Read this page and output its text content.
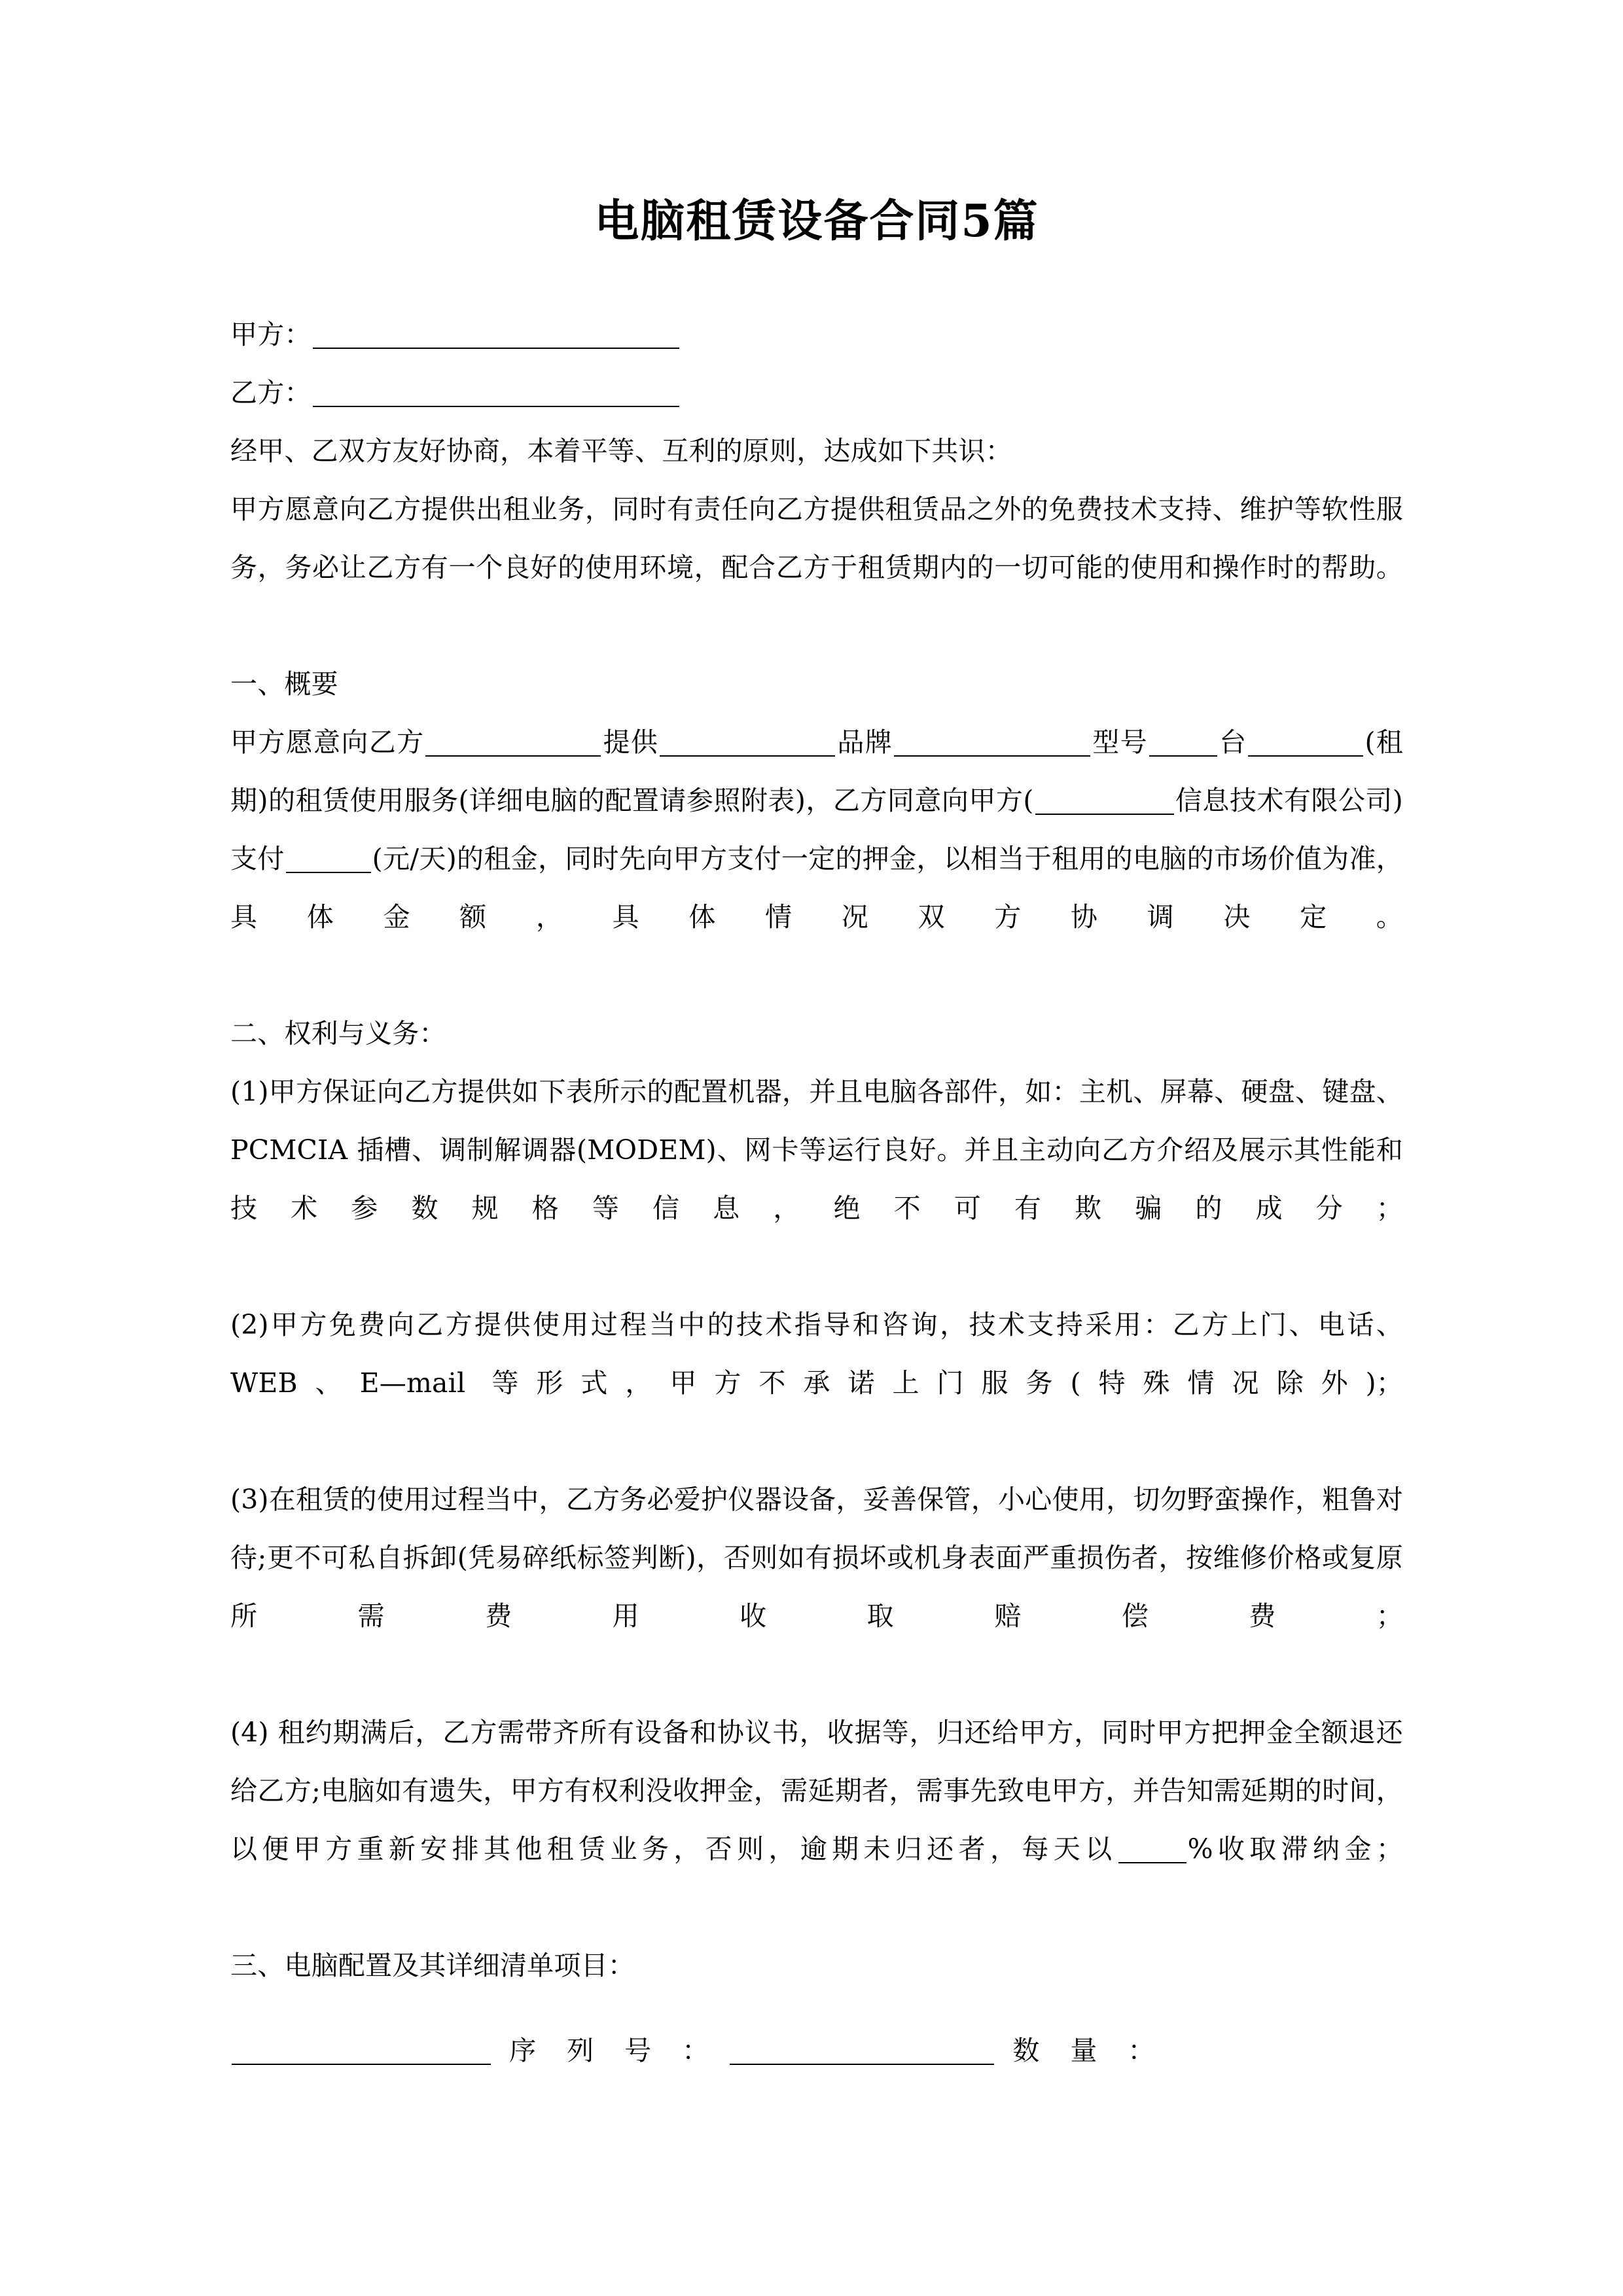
电脑租赁设备合同5篇

甲方：

乙方：

经甲、乙双方友好协商，本着平等、互利的原则，达成如下共识：

甲方愿意向乙方提供出租业务，同时有责任向乙方提供租赁品之外的免费技术支持、维护等软性服务，务必让乙方有一个良好的使用环境，配合乙方于租赁期内的一切可能的使用和操作时的帮助。

一、概要

甲方愿意向乙方	提供	品牌	型号	台	(租期)的租赁使用服务(详细电脑的配置请参照附表)，乙方同意向甲方(	信息技术有限公司)支付	(元/天)的租金，同时先向甲方支付一定的押金，以相当于租用的电脑的市场价值为准，具体金额，具体情况双方协调决定。

二、权利与义务：

(1)甲方保证向乙方提供如下表所示的配置机器，并且电脑各部件，如：主机、屏幕、硬盘、键盘、PCMCIA 插槽、调制解调器(MODEM)、网卡等运行良好。并且主动向乙方介绍及展示其性能和技术参数规格等信息，绝不可有欺骗的成分；

(2)甲方免费向乙方提供使用过程当中的技术指导和咨询，技术支持采用：乙方上门、电话、WEB、E—mail 等形式，甲方不承诺上门服务(特殊情况除外)；

(3)在租赁的使用过程当中，乙方务必爱护仪器设备，妥善保管，小心使用，切勿野蛮操作，粗鲁对待;更不可私自拆卸(凭易碎纸标签判断)，否则如有损坏或机身表面严重损伤者，按维修价格或复原所需费用收取赔偿费；

(4) 租约期满后，乙方需带齐所有设备和协议书，收据等，归还给甲方，同时甲方把押金全额退还给乙方;电脑如有遗失，甲方有权利没收押金，需延期者，需事先致电甲方，并告知需延期的时间，以便甲方重新安排其他租赁业务，否则，逾期未归还者，每天以	%收取滞纳金；

三、电脑配置及其详细清单项目：

序 列 号 ：	数 量 ：
